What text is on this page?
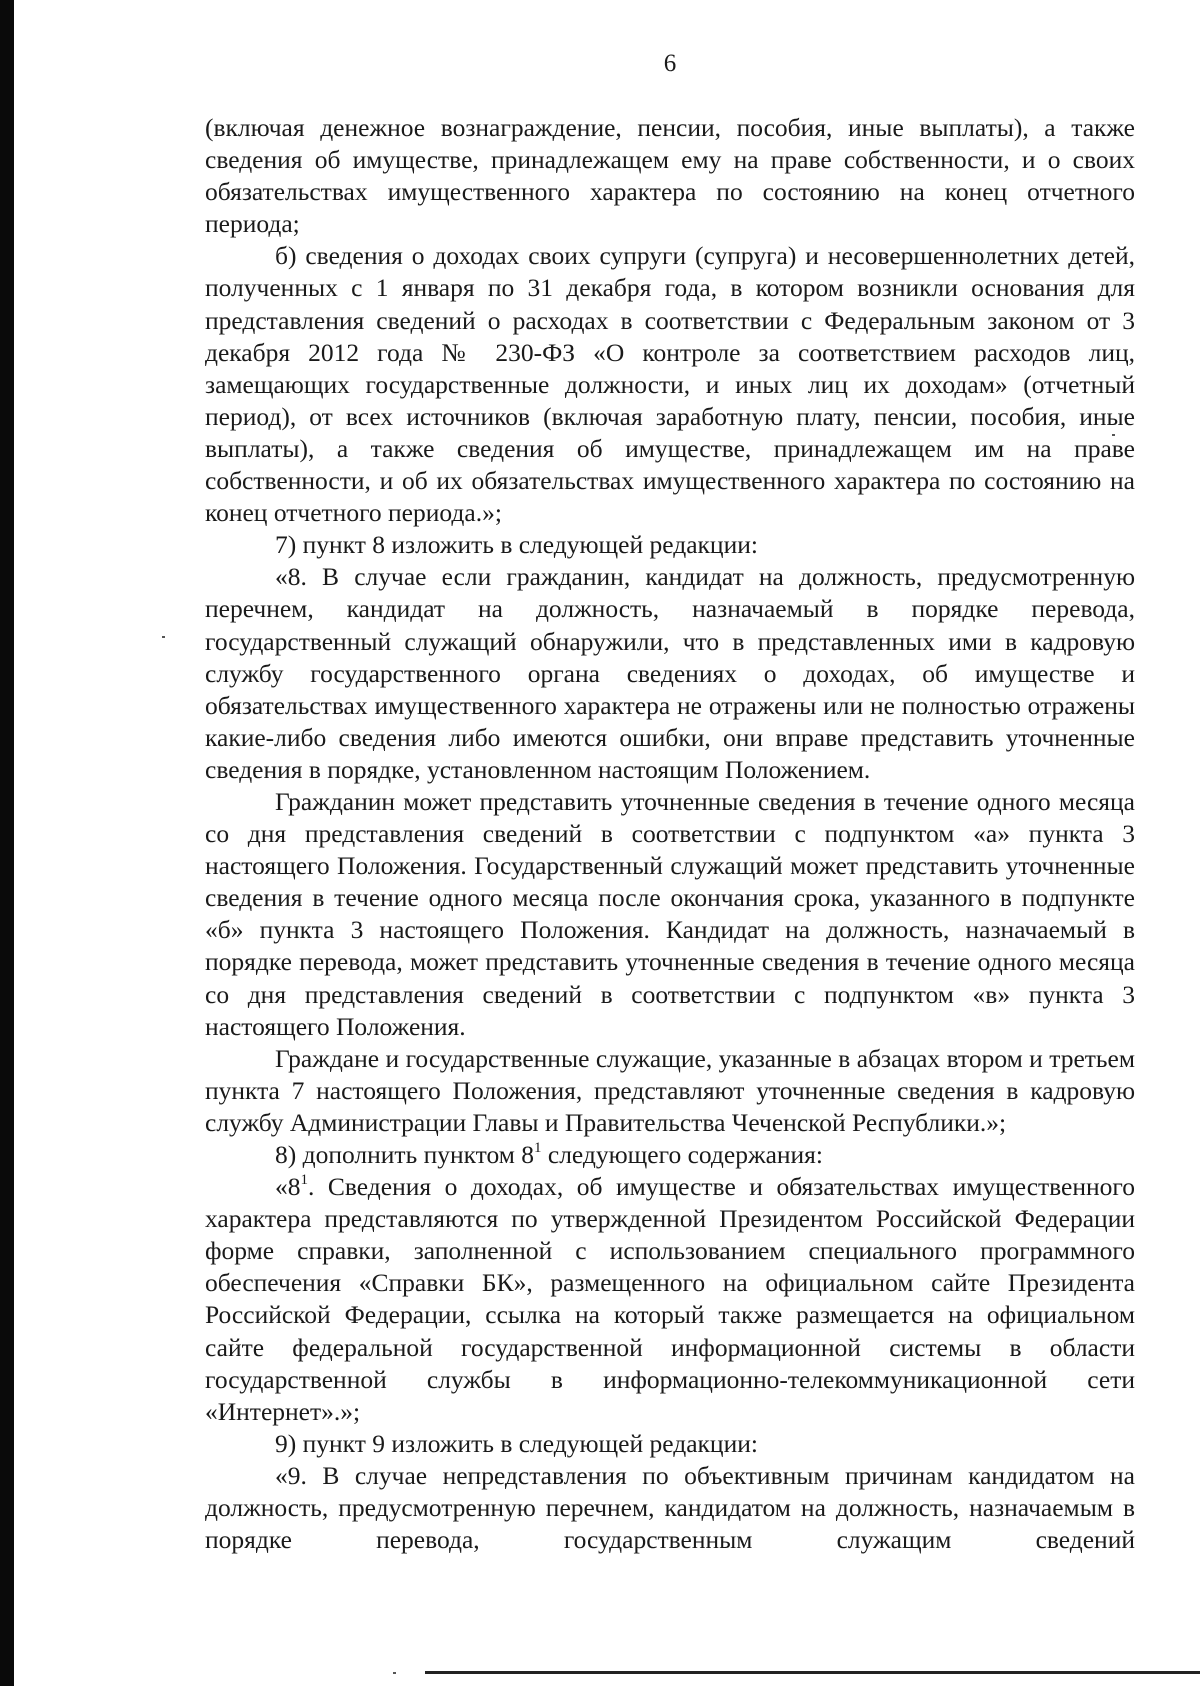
6

(включая денежное вознаграждение, пенсии, пособия, иные выплаты), а также сведения об имуществе, принадлежащем ему на праве собственности, и о своих обязательствах имущественного характера по состоянию на конец отчетного периода;

б) сведения о доходах своих супруги (супруга) и несовершеннолетних детей, полученных с 1 января по 31 декабря года, в котором возникли основания для представления сведений о расходах в соответствии с Федеральным законом от 3 декабря 2012 года № 230-ФЗ «О контроле за соответствием расходов лиц, замещающих государственные должности, и иных лиц их доходам» (отчетный период), от всех источников (включая заработную плату, пенсии, пособия, иные выплаты), а также сведения об имуществе, принадлежащем им на праве собственности, и об их обязательствах имущественного характера по состоянию на конец отчетного периода.»;

7) пункт 8 изложить в следующей редакции:

«8. В случае если гражданин, кандидат на должность, предусмотренную перечнем, кандидат на должность, назначаемый в порядке перевода, государственный служащий обнаружили, что в представленных ими в кадровую службу государственного органа сведениях о доходах, об имуществе и обязательствах имущественного характера не отражены или не полностью отражены какие-либо сведения либо имеются ошибки, они вправе представить уточненные сведения в порядке, установленном настоящим Положением.

Гражданин может представить уточненные сведения в течение одного месяца со дня представления сведений в соответствии с подпунктом «а» пункта 3 настоящего Положения. Государственный служащий может представить уточненные сведения в течение одного месяца после окончания срока, указанного в подпункте «б» пункта 3 настоящего Положения. Кандидат на должность, назначаемый в порядке перевода, может представить уточненные сведения в течение одного месяца со дня представления сведений в соответствии с подпунктом «в» пункта 3 настоящего Положения.

Граждане и государственные служащие, указанные в абзацах втором и третьем пункта 7 настоящего Положения, представляют уточненные сведения в кадровую службу Администрации Главы и Правительства Чеченской Республики.»;

8) дополнить пунктом $8^1$ следующего содержания:

«$8^1$. Сведения о доходах, об имуществе и обязательствах имущественного характера представляются по утвержденной Президентом Российской Федерации форме справки, заполненной с использованием специального программного обеспечения «Справки БК», размещенного на официальном сайте Президента Российской Федерации, ссылка на который также размещается на официальном сайте федеральной государственной информационной системы в области государственной службы в информационно-телекоммуникационной сети «Интернет».»;

9) пункт 9 изложить в следующей редакции:

«9. В случае непредставления по объективным причинам кандидатом на должность, предусмотренную перечнем, кандидатом на должность, назначаемым в порядке перевода, государственным служащим сведений
